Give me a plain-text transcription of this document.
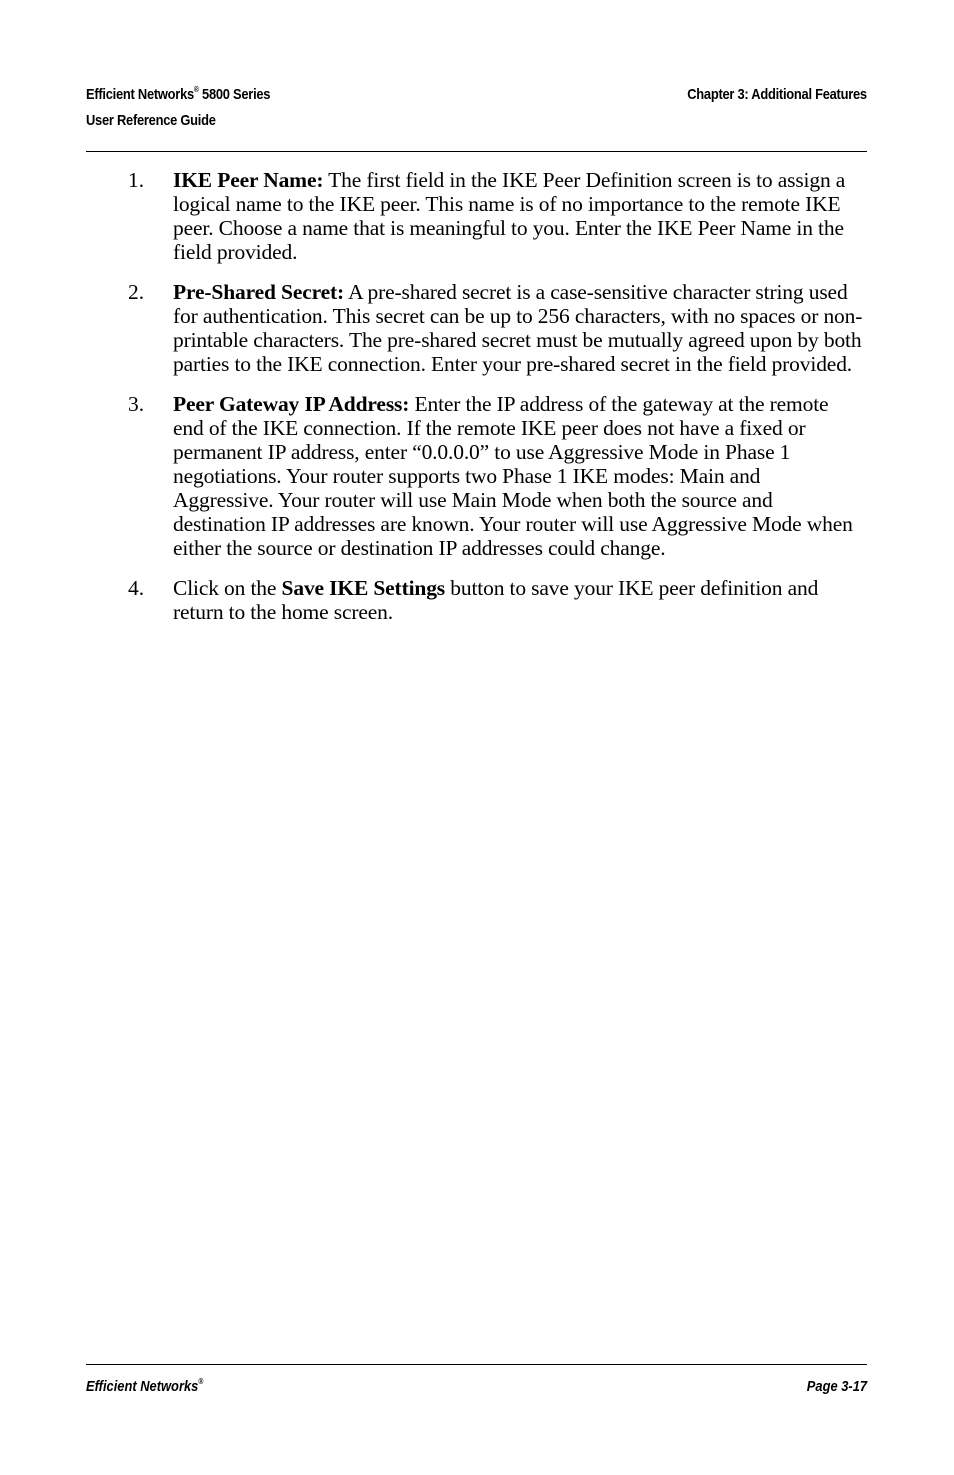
Efficient Networks® 5800 Series
User Reference Guide
Chapter 3: Additional Features
1. IKE Peer Name: The first field in the IKE Peer Definition screen is to assign a logical name to the IKE peer. This name is of no importance to the remote IKE peer. Choose a name that is meaningful to you. Enter the IKE Peer Name in the field provided.
2. Pre-Shared Secret: A pre-shared secret is a case-sensitive character string used for authentication. This secret can be up to 256 characters, with no spaces or non-printable characters. The pre-shared secret must be mutually agreed upon by both parties to the IKE connection. Enter your pre-shared secret in the field provided.
3. Peer Gateway IP Address: Enter the IP address of the gateway at the remote end of the IKE connection. If the remote IKE peer does not have a fixed or permanent IP address, enter “0.0.0.0” to use Aggressive Mode in Phase 1 negotiations. Your router supports two Phase 1 IKE modes: Main and Aggressive. Your router will use Main Mode when both the source and destination IP addresses are known. Your router will use Aggressive Mode when either the source or destination IP addresses could change.
4. Click on the Save IKE Settings button to save your IKE peer definition and return to the home screen.
Efficient Networks®	Page 3-17
